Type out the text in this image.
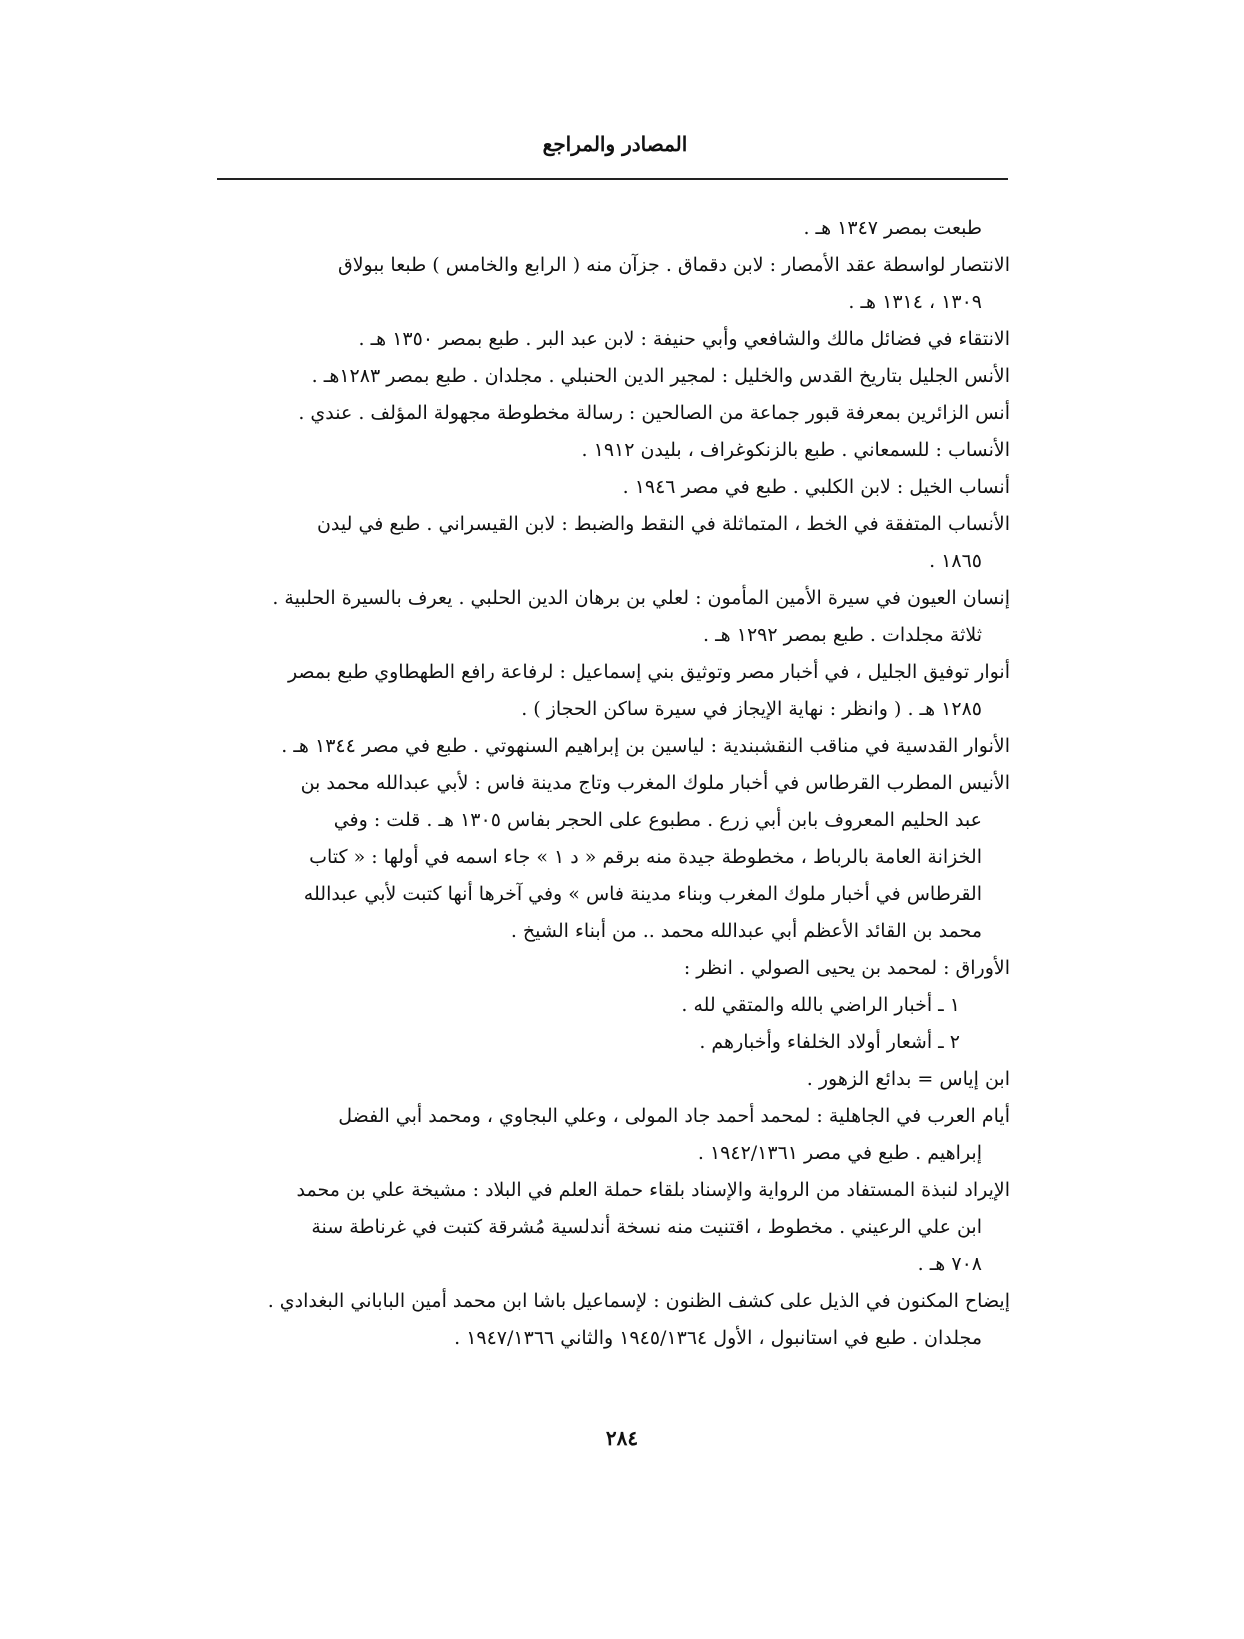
المصادر والمراجع
طبعت بمصر ١٣٤٧ هـ .
الانتصار لواسطة عقد الأمصار : لابن دقماق . جزآن منه ( الرابع والخامس ) طبعا ببولاق
١٣٠٩ ، ١٣١٤ هـ .
الانتقاء في فضائل مالك والشافعي وأبي حنيفة : لابن عبد البر . طبع بمصر ١٣٥٠ هـ .
الأنس الجليل بتاريخ القدس والخليل : لمجير الدين الحنبلي . مجلدان . طبع بمصر ١٢٨٣هـ .
أنس الزائرين بمعرفة قبور جماعة من الصالحين : رسالة مخطوطة مجهولة المؤلف . عندي .
الأنساب : للسمعاني . طبع بالزنكوغراف ، بليدن ١٩١٢ .
أنساب الخيل : لابن الكلبي . طبع في مصر ١٩٤٦ .
الأنساب المتفقة في الخط ، المتماثلة في النقط والضبط : لابن القيسراني . طبع في ليدن
١٨٦٥ .
إنسان العيون في سيرة الأمين المأمون : لعلي بن برهان الدين الحلبي . يعرف بالسيرة الحلبية .
ثلاثة مجلدات . طبع بمصر ١٢٩٢ هـ .
أنوار توفيق الجليل ، في أخبار مصر وتوثيق بني إسماعيل : لرفاعة رافع الطهطاوي طبع بمصر
١٢٨٥ هـ . ( وانظر : نهاية الإيجاز في سيرة ساكن الحجاز ) .
الأنوار القدسية في مناقب النقشبندية : لياسين بن إبراهيم السنهوتي . طبع في مصر ١٣٤٤ هـ .
الأنيس المطرب القرطاس في أخبار ملوك المغرب وتاج مدينة فاس : لأبي عبدالله محمد بن
عبد الحليم المعروف بابن أبي زرع . مطبوع على الحجر بفاس ١٣٠٥ هـ . قلت : وفي
الخزانة العامة بالرباط ، مخطوطة جيدة منه برقم « د ١ » جاء اسمه في أولها : « كتاب
القرطاس في أخبار ملوك المغرب وبناء مدينة فاس » وفي آخرها أنها كتبت لأبي عبدالله
محمد بن القائد الأعظم أبي عبدالله محمد .. من أبناء الشيخ .
الأوراق : لمحمد بن يحيى الصولي . انظر :
١ ـ أخبار الراضي بالله والمتقي لله .
٢ ـ أشعار أولاد الخلفاء وأخبارهم .
ابن إياس = بدائع الزهور .
أيام العرب في الجاهلية : لمحمد أحمد جاد المولى ، وعلي البجاوي ، ومحمد أبي الفضل
إبراهيم . طبع في مصر ١٩٤٢/١٣٦١ .
الإيراد لنبذة المستفاد من الرواية والإسناد بلقاء حملة العلم في البلاد : مشيخة علي بن محمد
ابن علي الرعيني . مخطوط ، اقتنيت منه نسخة أندلسية مُشرقة كتبت في غرناطة سنة
٧٠٨ هـ .
إيضاح المكنون في الذيل على كشف الظنون : لإسماعيل باشا ابن محمد أمين الباباني البغدادي .
مجلدان . طبع في استانبول ، الأول ١٩٤٥/١٣٦٤ والثاني ١٩٤٧/١٣٦٦ .
٢٨٤
